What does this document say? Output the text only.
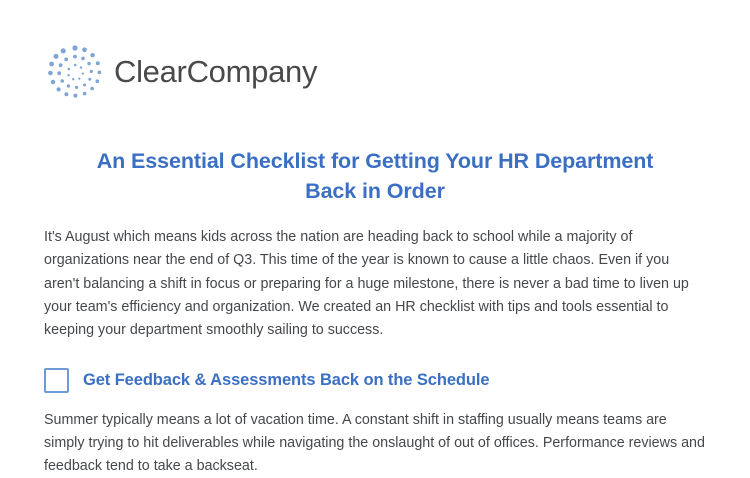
ClearCompany
An Essential Checklist for Getting Your HR Department
Back in Order

It's August which means kids across the nation are heading back to school while a majority of organizations near the end of Q3. This time of the year is known to cause a little chaos. Even if you aren't balancing a shift in focus or preparing for a huge milestone, there is never a bad time to liven up your team's efficiency and organization. We created an HR checklist with tips and tools essential to keeping your department smoothly sailing to success.

Get Feedback & Assessments Back on the Schedule

Summer typically means a lot of vacation time. A constant shift in staffing usually means teams are simply trying to hit deliverables while navigating the onslaught of out of offices. Performance reviews and feedback tend to take a backseat.
